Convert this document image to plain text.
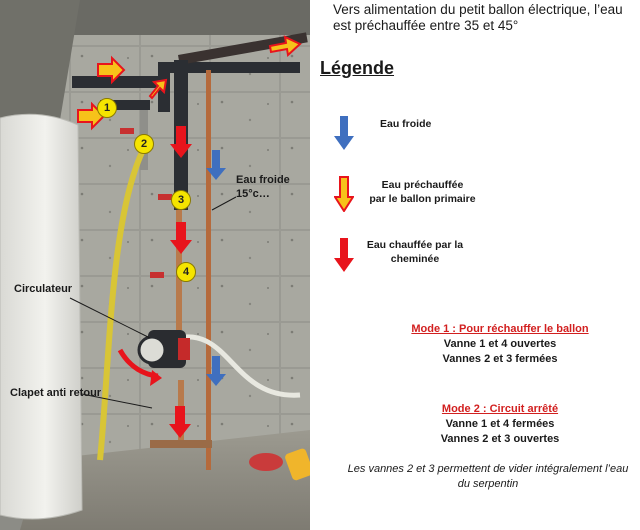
1
2
3
4
Eau froide
15°c…
Circulateur
Clapet anti retour

Vers alimentation du petit ballon électrique, l’eau est préchauffée entre 35 et 45°

Légende
Eau froide
Eau préchauffée
par le ballon primaire
Eau chauffée par la
cheminée
Mode 1 : Pour réchauffer le ballon
Vanne 1 et 4 ouvertes
Vannes 2 et 3 fermées
Mode 2 : Circuit arrêté
Vanne 1 et 4 fermées
Vannes 2 et 3 ouvertes

Les vannes 2 et 3 permettent de vider intégralement l’eau du serpentin
